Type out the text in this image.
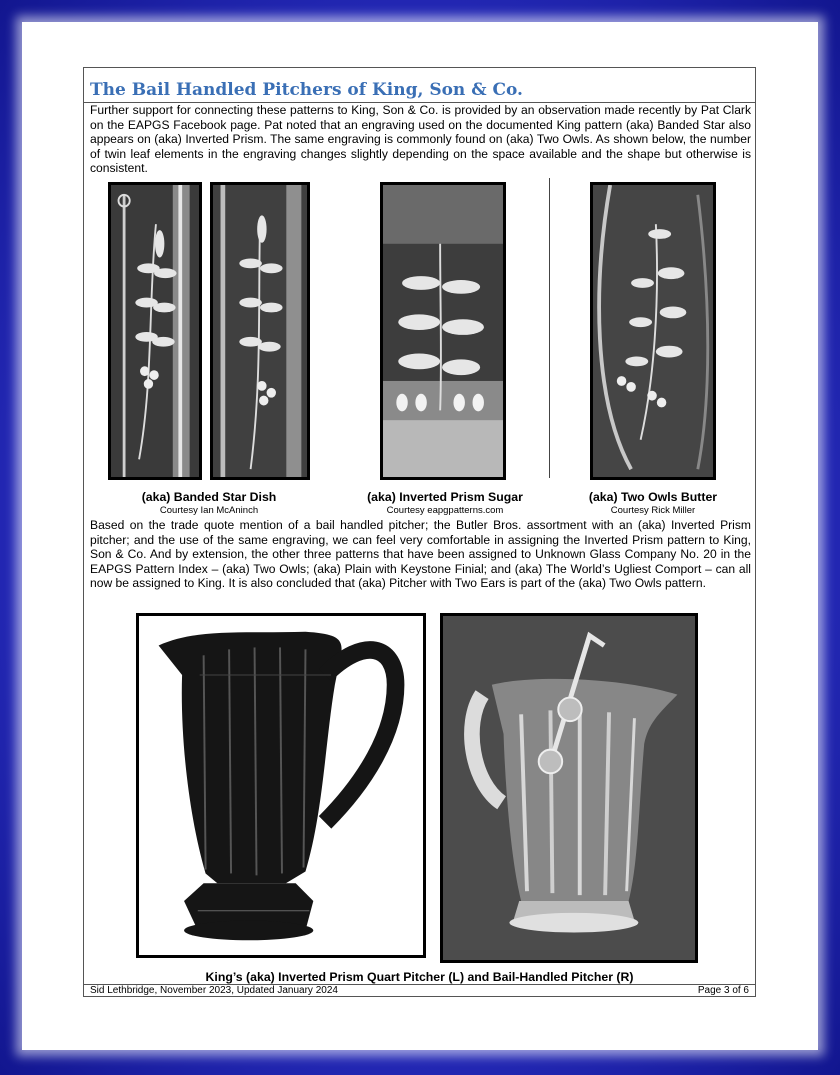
The Bail Handled Pitchers of King, Son & Co.

Further support for connecting these patterns to King, Son & Co. is provided by an observation made recently by Pat Clark on the EAPGS Facebook page. Pat noted that an engraving used on the documented King pattern (aka) Banded Star also appears on (aka) Inverted Prism. The same engraving is commonly found on (aka) Two Owls. As shown below, the number of twin leaf elements in the engraving changes slightly depending on the space available and the shape but otherwise is consistent.

(aka) Banded Star Dish
Courtesy Ian McAninch
(aka) Inverted Prism Sugar
Courtesy eapgpatterns.com
(aka) Two Owls Butter
Courtesy Rick Miller

Based on the trade quote mention of a bail handled pitcher; the Butler Bros. assortment with an (aka) Inverted Prism pitcher; and the use of the same engraving, we can feel very comfortable in assigning the Inverted Prism pattern to King, Son & Co. And by extension, the other three patterns that have been assigned to Unknown Glass Company No. 20 in the EAPGS Pattern Index – (aka) Two Owls; (aka) Plain with Keystone Finial; and (aka) The World’s Ugliest Comport – can all now be assigned to King. It is also concluded that (aka) Pitcher with Two Ears is part of the (aka) Two Owls pattern.

King’s (aka) Inverted Prism Quart Pitcher (L) and Bail-Handled Pitcher (R)
Sid Lethbridge, November 2023, Updated January 2024	Page 3 of 6
